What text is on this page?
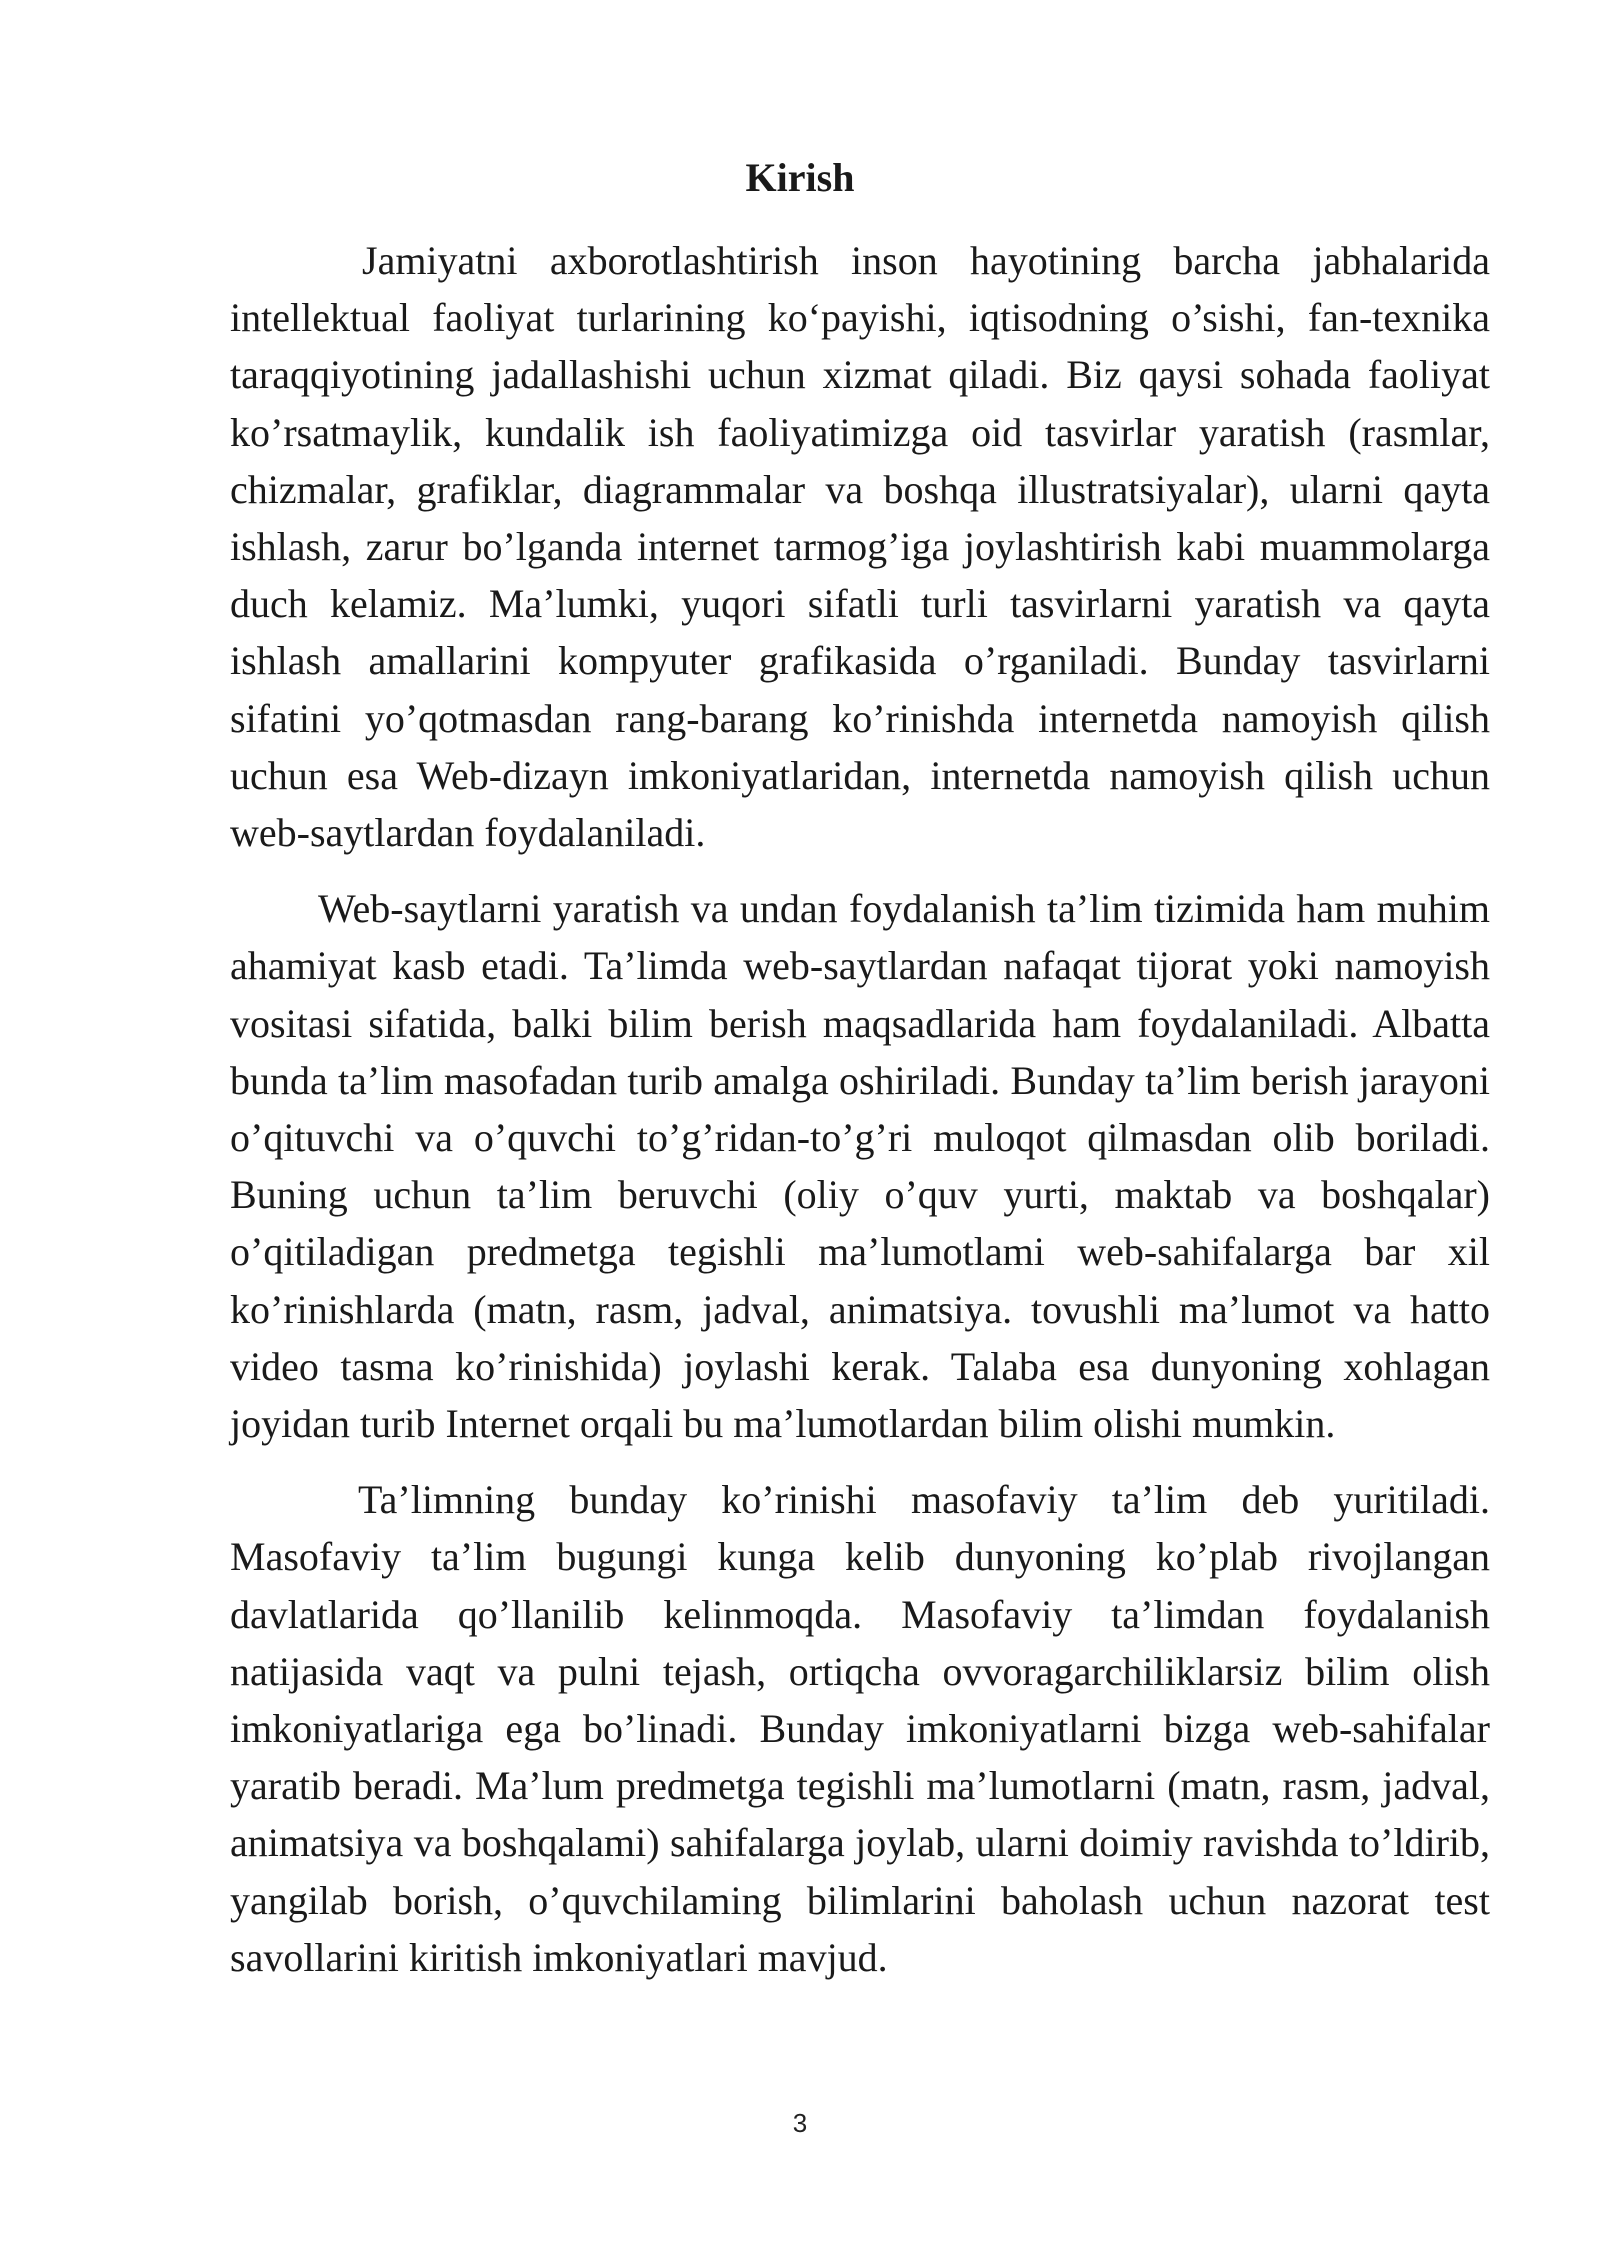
Kirish

Jamiyatni axborotlashtirish inson hayotining barcha jabhalarida intellektual faoliyat turlarining ko‘payishi, iqtisodning o’sishi, fan-texnika taraqqiyotining jadallashishi uchun xizmat qiladi. Biz qaysi sohada faoliyat ko’rsatmaylik, kundalik ish faoliyatimizga oid tasvirlar yaratish (rasmlar, chizmalar, grafiklar, diagrammalar va boshqa illustratsiyalar), ularni qayta ishlash, zarur bo’lganda internet tarmog’iga joylashtirish kabi muammolarga duch kelamiz. Ma’lumki, yuqori sifatli turli tasvirlarni yaratish va qayta ishlash amallarini kompyuter grafikasida o’rganiladi. Bunday tasvirlarni sifatini yo’qotmasdan rang-barang ko’rinishda internetda namoyish qilish uchun esa Web-dizayn imkoniyatlaridan, internetda namoyish qilish uchun web-saytlardan foydalaniladi.

Web-saytlarni yaratish va undan foydalanish ta’lim tizimida ham muhim ahamiyat kasb etadi. Ta’limda web-saytlardan nafaqat tijorat yoki namoyish vositasi sifatida, balki bilim berish maqsadlarida ham foydalaniladi. Albatta bunda ta’lim masofadan turib amalga oshiriladi. Bunday ta’lim berish jarayoni o’qituvchi va o’quvchi to’g’ridan-to’g’ri muloqot qilmasdan olib boriladi. Buning uchun ta’lim beruvchi (oliy o’quv yurti, maktab va boshqalar) o’qitiladigan predmetga tegishli ma’lumotlami web-sahifalarga bar xil ko’rinishlarda (matn, rasm, jadval, animatsiya. tovushli ma’lumot va hatto video tasma ko’rinishida) joylashi kerak. Talaba esa dunyoning xohlagan joyidan turib Internet orqali bu ma’lumotlardan bilim olishi mumkin.

Ta’limning bunday ko’rinishi masofaviy ta’lim deb yuritiladi. Masofaviy ta’lim bugungi kunga kelib dunyoning ko’plab rivojlangan davlatlarida qo’llanilib kelinmoqda. Masofaviy ta’limdan foydalanish natijasida vaqt va pulni tejash, ortiqcha ovvoragarchiliklarsiz bilim olish imkoniyatlariga ega bo’linadi. Bunday imkoniyatlarni bizga web-sahifalar yaratib beradi. Ma’lum predmetga tegishli ma’lumotlarni (matn, rasm, jadval, animatsiya va boshqalami) sahifalarga joylab, ularni doimiy ravishda to’ldirib, yangilab borish, o’quvchilaming bilimlarini baholash uchun nazorat test savollarini kiritish imkoniyatlari mavjud.

3
